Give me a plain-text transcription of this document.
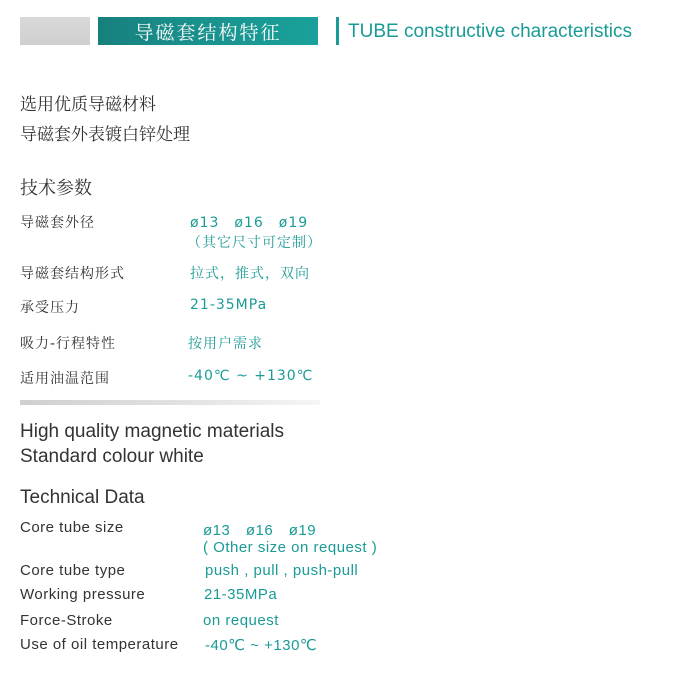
导磁套结构特征	TUBE constructive characteristics
选用优质导磁材料
导磁套外表镀白锌处理
技术参数
导磁套外径	ø13　ø16　ø19
（其它尺寸可定制）
导磁套结构形式	拉式，推式，双向
承受压力	21-35MPa
吸力-行程特性	按用户需求
适用油温范围	-40℃ ~ +130℃
High quality magnetic materials
Standard colour white
Technical Data
Core tube size	ø13　ø16　ø19
( Other size on request )
Core tube type	push , pull , push-pull
Working pressure	21-35MPa
Force-Stroke	on request
Use of oil temperature -40℃ ~ +130℃
